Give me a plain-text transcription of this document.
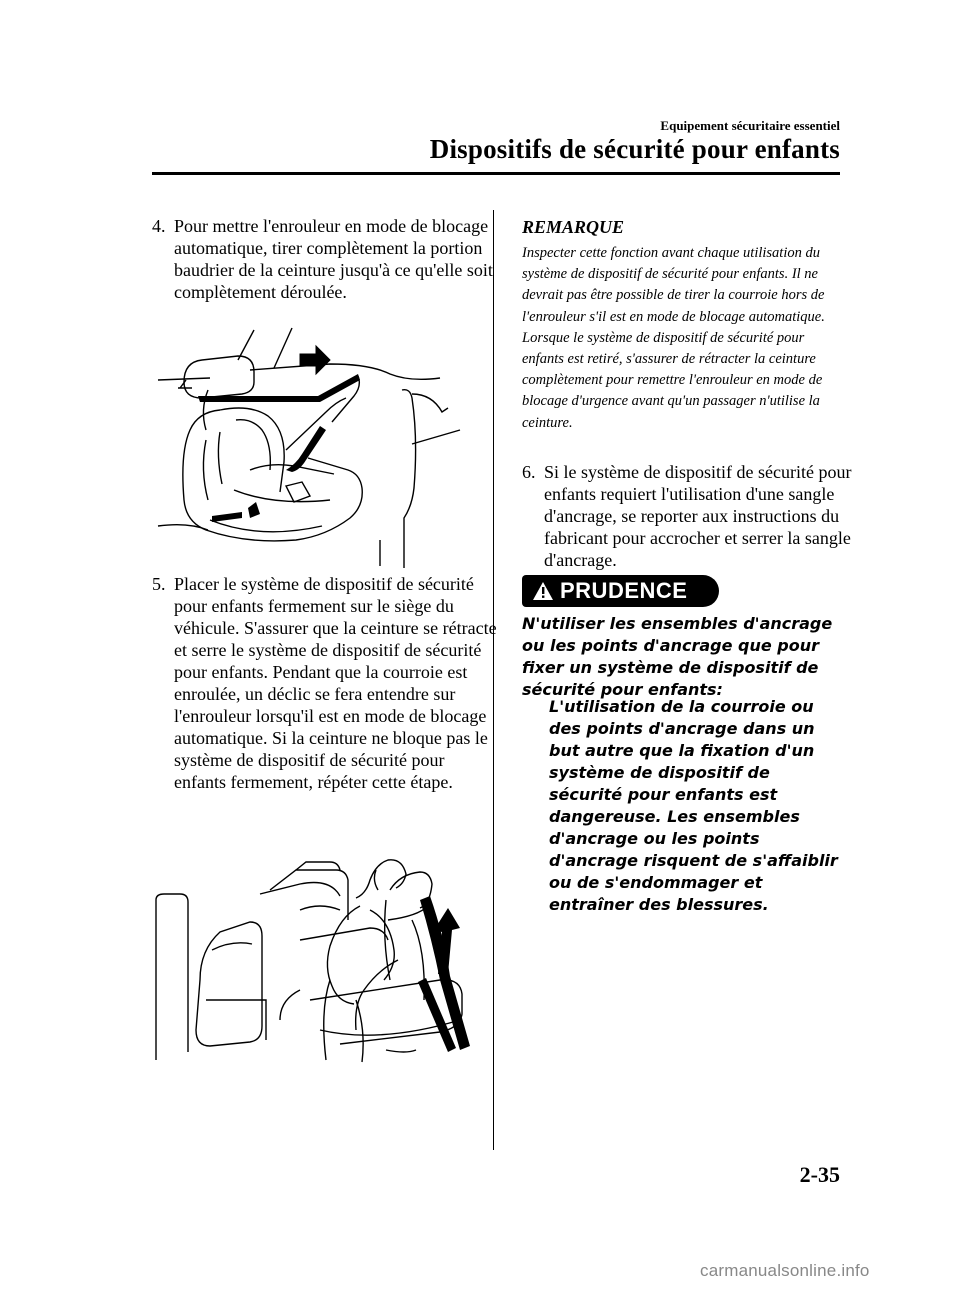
Equipement sécuritaire essentiel
Dispositifs de sécurité pour enfants
4. Pour mettre l'enrouleur en mode de blocage automatique, tirer complètement la portion baudrier de la ceinture jusqu'à ce qu'elle soit complètement déroulée.
5. Placer le système de dispositif de sécurité pour enfants fermement sur le siège du véhicule. S'assurer que la ceinture se rétracte et serre le système de dispositif de sécurité pour enfants. Pendant que la courroie est enroulée, un déclic se fera entendre sur l'enrouleur lorsqu'il est en mode de blocage automatique. Si la ceinture ne bloque pas le système de dispositif de sécurité pour enfants fermement, répéter cette étape.
REMARQUE
Inspecter cette fonction avant chaque utilisation du système de dispositif de sécurité pour enfants. Il ne devrait pas être possible de tirer la courroie hors de l'enrouleur s'il est en mode de blocage automatique. Lorsque le système de dispositif de sécurité pour enfants est retiré, s'assurer de rétracter la ceinture complètement pour remettre l'enrouleur en mode de blocage d'urgence avant qu'un passager n'utilise la ceinture.
6. Si le système de dispositif de sécurité pour enfants requiert l'utilisation d'une sangle d'ancrage, se reporter aux instructions du fabricant pour accrocher et serrer la sangle d'ancrage.
PRUDENCE
N'utiliser les ensembles d'ancrage ou les points d'ancrage que pour fixer un système de dispositif de sécurité pour enfants:
L'utilisation de la courroie ou des points d'ancrage dans un but autre que la fixation d'un système de dispositif de sécurité pour enfants est dangereuse. Les ensembles d'ancrage ou les points d'ancrage risquent de s'affaiblir ou de s'endommager et entraîner des blessures.
2-35
carmanualsonline.info
